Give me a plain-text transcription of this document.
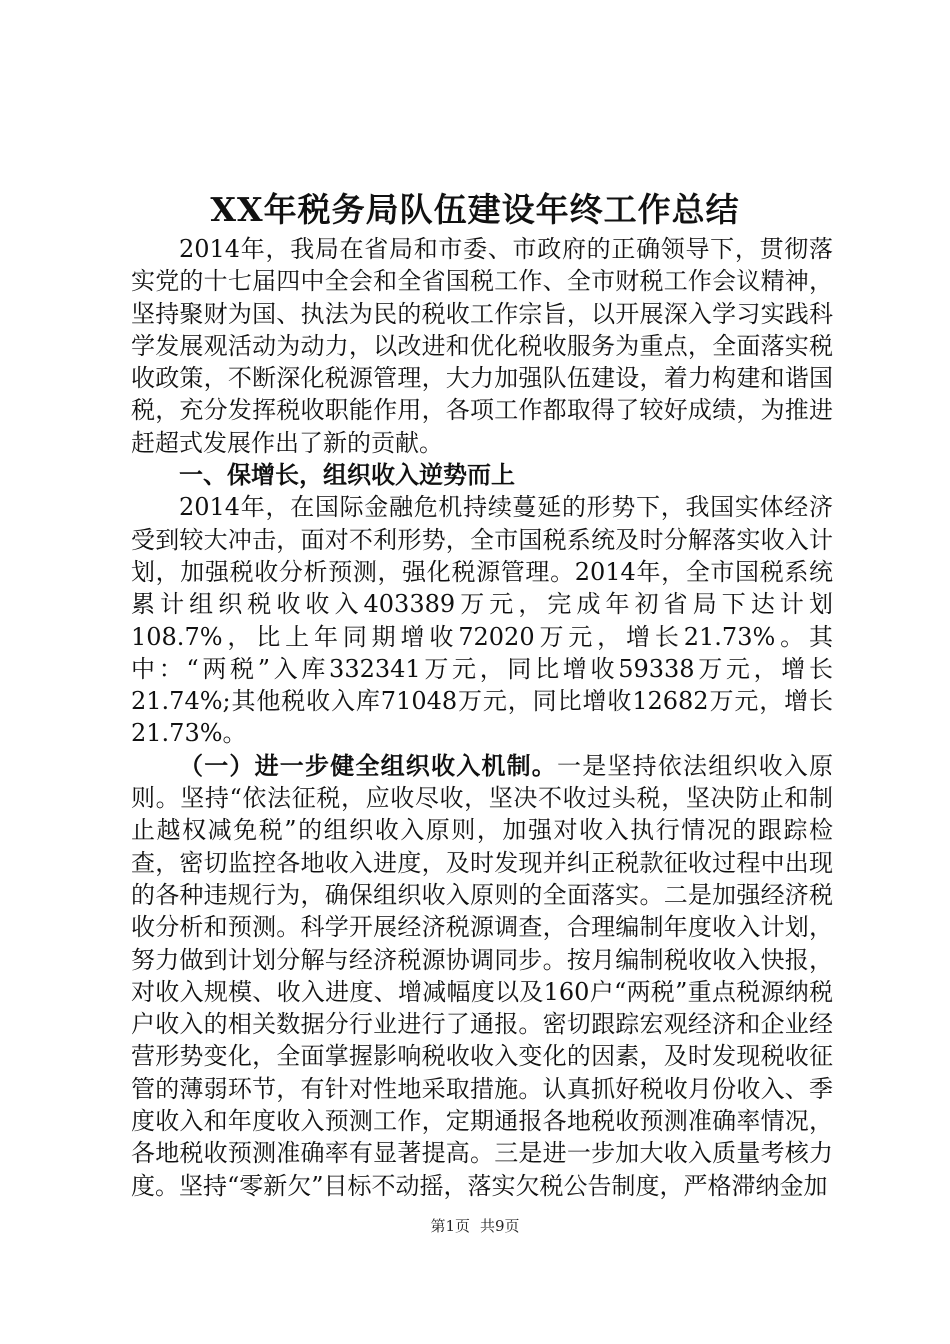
XX年税务局队伍建设年终工作总结

2014年，我局在省局和市委、市政府的正确领导下，贯彻落实党的十七届四中全会和全省国税工作、全市财税工作会议精神，坚持聚财为国、执法为民的税收工作宗旨，以开展深入学习实践科学发展观活动为动力，以改进和优化税收服务为重点，全面落实税收政策，不断深化税源管理，大力加强队伍建设，着力构建和谐国税，充分发挥税收职能作用，各项工作都取得了较好成绩，为推进赶超式发展作出了新的贡献。

一、保增长，组织收入逆势而上

2014年，在国际金融危机持续蔓延的形势下，我国实体经济受到较大冲击，面对不利形势，全市国税系统及时分解落实收入计划，加强税收分析预测，强化税源管理。2014年，全市国税系统累计组织税收收入403389万元，完成年初省局下达计划108.7%，比上年同期增收72020万元，增长21.73%。其中：“两税”入库332341万元，同比增收59338万元，增长21.74%;其他税收入库71048万元，同比增收12682万元，增长21.73%。

（一）进一步健全组织收入机制。一是坚持依法组织收入原则。坚持“依法征税，应收尽收，坚决不收过头税，坚决防止和制止越权减免税”的组织收入原则，加强对收入执行情况的跟踪检查，密切监控各地收入进度，及时发现并纠正税款征收过程中出现的各种违规行为，确保组织收入原则的全面落实。二是加强经济税收分析和预测。科学开展经济税源调查，合理编制年度收入计划，努力做到计划分解与经济税源协调同步。按月编制税收收入快报，对收入规模、收入进度、增减幅度以及160户“两税”重点税源纳税户收入的相关数据分行业进行了通报。密切跟踪宏观经济和企业经营形势变化，全面掌握影响税收收入变化的因素，及时发现税收征管的薄弱环节，有针对性地采取措施。认真抓好税收月份收入、季度收入和年度收入预测工作，定期通报各地税收预测准确率情况，各地税收预测准确率有显著提高。三是进一步加大收入质量考核力度。坚持“零新欠”目标不动摇，落实欠税公告制度，严格滞纳金加

第1页 共9页
